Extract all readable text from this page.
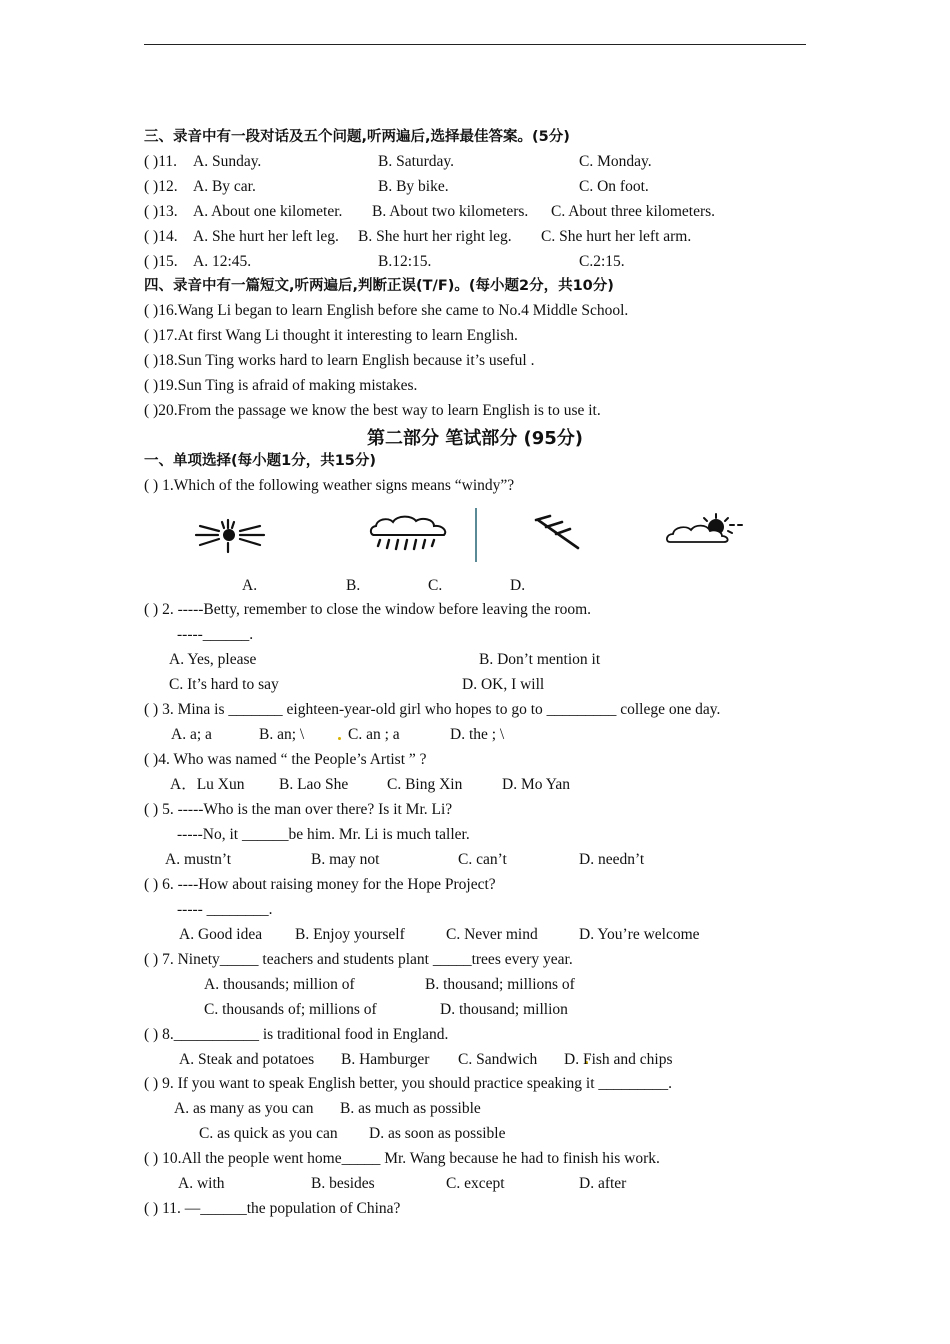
三、录音中有一段对话及五个问题,听两遍后,选择最佳答案。(5分)
( )11. A. Sunday.	B. Saturday.	C. Monday.
( )12. A. By car.	B. By bike.	C. On foot.
( )13. A. About one kilometer. B. About two kilometers. C. About three kilometers.
( )14. A. She hurt her left leg. B. She hurt her right leg. C. She hurt her left arm.
( )15. A. 12:45.	B.12:15.	C.2:15.
四、录音中有一篇短文,听两遍后,判断正误(T/F)。(每小题2分，共10分)
( )16.Wang Li began to learn English before she came to No.4 Middle School.
( )17.At first Wang Li thought it interesting to learn English.
( )18.Sun Ting works hard to learn English because it’s useful .
( )19.Sun Ting is afraid of making mistakes.
( )20.From the passage we know the best way to learn English is to use it.
第二部分 笔试部分 (95分)
一、单项选择(每小题1分，共15分)
( ) 1.Which of the following weather signs means “windy”?
A.	B.	C.	D.
( ) 2. -----Betty, remember to close the window before leaving the room.
-----______.
A. Yes, please	B. Don’t mention it
C. It’s hard to say	D. OK, I will
( ) 3. Mina is _______ eighteen-year-old girl who hopes to go to _________ college one day.
A. a; a	B. an; \	C. an ; a	D. the ; \
( )4. Who was named “ the People’s Artist ” ?
A．Lu Xun B. Lao She C. Bing Xin	D. Mo Yan
( ) 5. -----Who is the man over there? Is it Mr. Li?
-----No, it ______be him. Mr. Li is much taller.
A. mustn’t	B. may not	C. can’t	D. needn’t
( ) 6. ----How about raising money for the Hope Project?
----- ________.
A. Good idea B. Enjoy yourself	C. Never mind	D. You’re welcome
( ) 7. Ninety_____ teachers and students plant _____trees every year.
A. thousands; million of	B. thousand; millions of
C. thousands of; millions of	D. thousand; million
( ) 8.___________ is traditional food in England.
A. Steak and potatoes B. Hamburger C. Sandwich D. Fish and chips
( ) 9. If you want to speak English better, you should practice speaking it _________.
A. as many as you can B. as much as possible
C. as quick as you can D. as soon as possible
( ) 10.All the people went home_____ Mr. Wang because he had to finish his work.
A. with	B. besides	C. except	D. after
( ) 11. —______the population of China?
